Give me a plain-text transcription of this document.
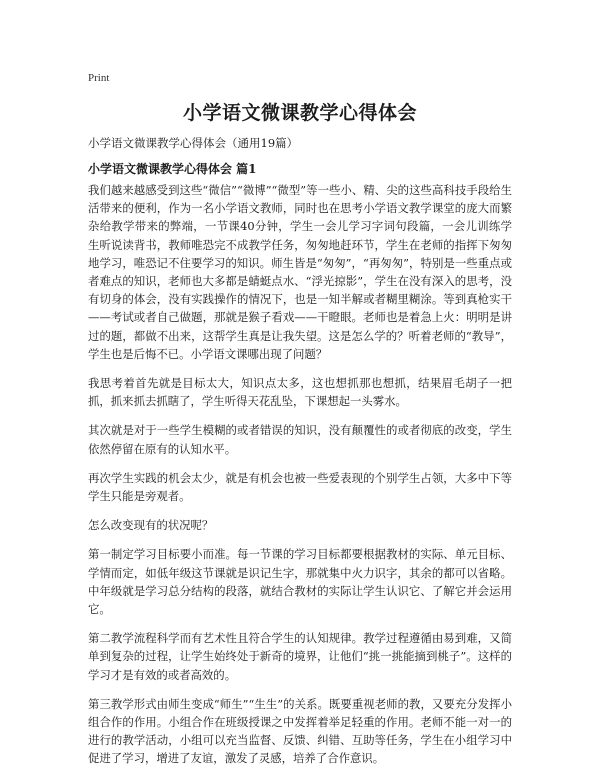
Print
小学语文微课教学心得体会
小学语文微课教学心得体会（通用19篇）
小学语文微课教学心得体会 篇1

我们越来越感受到这些“微信”“微博”“微型”等一些小、精、尖的这些高科技手段给生活带来的便利，作为一名小学语文教师，同时也在思考小学语文教学课堂的庞大而繁杂给教学带来的弊端，一节课40分钟，学生一会儿学习字词句段篇，一会儿训练学生听说读背书，教师唯恐完不成教学任务，匆匆地赶环节，学生在老师的指挥下匆匆地学习，唯恐记不住要学习的知识。师生皆是“匆匆”，“再匆匆”，特别是一些重点或者难点的知识，老师也大多都是蜻蜓点水、“浮光掠影”，学生在没有深入的思考，没有切身的体会，没有实践操作的情况下，也是一知半解或者糊里糊涂。等到真枪实干——考试或者自己做题，那就是猴子看戏——干瞪眼。老师也是着急上火：明明是讲过的题，都做不出来，这帮学生真是让我失望。这是怎么学的？听着老师的“教导”，学生也是后悔不已。小学语文课哪出现了问题？

我思考着首先就是目标太大，知识点太多，这也想抓那也想抓，结果眉毛胡子一把抓，抓来抓去抓瞎了，学生听得天花乱坠，下课想起一头雾水。

其次就是对于一些学生模糊的或者错误的知识，没有颠覆性的或者彻底的改变，学生依然停留在原有的认知水平。

再次学生实践的机会太少，就是有机会也被一些爱表现的个别学生占领，大多中下等学生只能是旁观者。

怎么改变现有的状况呢？

第一制定学习目标要小而准。每一节课的学习目标都要根据教材的实际、单元目标、学情而定，如低年级这节课就是识记生字，那就集中火力识字，其余的都可以省略。中年级就是学习总分结构的段落，就结合教材的实际让学生认识它、了解它并会运用它。

第二教学流程科学而有艺术性且符合学生的认知规律。教学过程遵循由易到难，又简单到复杂的过程，让学生始终处于新奇的境界，让他们“挑一挑能摘到桃子”。这样的学习才是有效的或者高效的。

第三教学形式由师生变成“师生”“生生”的关系。既要重视老师的教，又要充分发挥小组合作的作用。小组合作在班级授课之中发挥着举足轻重的作用。老师不能一对一的进行的教学活动，小组可以充当监督、反馈、纠错、互助等任务，学生在小组学习中促进了学习，增进了友谊，激发了灵感，培养了合作意识。
